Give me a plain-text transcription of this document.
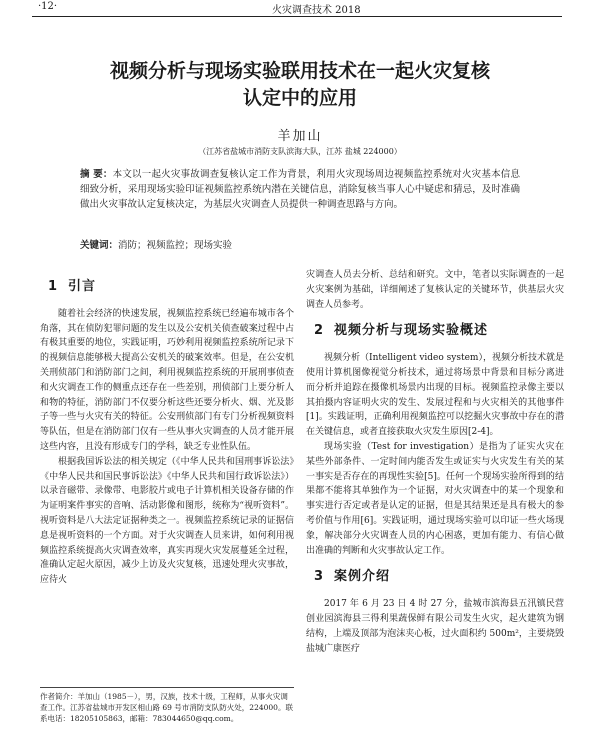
·12·	火灾调查技术 2018
视频分析与现场实验联用技术在一起火灾复核
认定中的应用
羊加山
（江苏省盐城市消防支队滨海大队，江苏 盐城 224000）
摘 要：本文以一起火灾事故调查复核认定工作为背景，利用火灾现场周边视频监控系统对火灾基本信息细致分析，采用现场实验印证视频监控系统内潜在关键信息，消除复核当事人心中疑虑和猜忌，及时准确做出火灾事故认定复核决定，为基层火灾调查人员提供一种调查思路与方向。
关键词：消防；视频监控；现场实验
1 引言

随着社会经济的快速发展，视频监控系统已经遍布城市各个角落，其在侦防犯罪问题的发生以及公安机关侦查破案过程中占有极其重要的地位，实践证明，巧妙利用视频监控系统所记录下的视频信息能够极大提高公安机关的破案效率。但是，在公安机关刑侦部门和消防部门之间，利用视频监控系统的开展刑事侦查和火灾调查工作的侧重点还存在一些差别，刑侦部门上要分析人和物的特征，消防部门不仅要分析这些还要分析火、烟、光及影子等一些与火灾有关的特征。公安刑侦部门有专门分析视频资料等队伍，但是在消防部门仅有一些从事火灾调查的人员才能开展这些内容，且没有形成专门的学科，缺乏专业性队伍。

根据我国诉讼法的相关规定（《中华人民共和国刑事诉讼法》《中华人民共和国民事诉讼法》《中华人民共和国行政诉讼法》）以录音磁带、录像带、电影胶片或电子计算机相关设备存储的作为证明案件事实的音响、活动影像和图形，统称为“视听资料”。视听资料是八大法定证据种类之一。视频监控系统记录的证据信息是视听资料的一个方面。对于火灾调查人员来讲，如何利用视频监控系统提高火灾调查效率，真实再现火灾发展蔓延全过程，准确认定起火原因，减少上访及火灾复核，迅速处理火灾事故，应待火

灾调查人员去分析、总结和研究。文中，笔者以实际调查的一起火灾案例为基础，详细阐述了复核认定的关键环节，供基层火灾调查人员参考。

2 视频分析与现场实验概述

视频分析（Intelligent video system），视频分析技术就是使用计算机图像视觉分析技术，通过将场景中背景和目标分离进而分析并追踪在摄像机场景内出现的目标。视频监控录像主要以其拍摄内容证明火灾的发生、发展过程和与火灾相关的其他事件[1]。实践证明，正确利用视频监控可以挖掘火灾事故中存在的潜在关键信息，或者直接获取火灾发生原因[2-4]。

现场实验（Test for investigation）是指为了证实火灾在某些外部条件、一定时间内能否发生或证实与火灾发生有关的某一事实是否存在的再现性实验[5]。任何一个现场实验所得到的结果都不能将其单独作为一个证据，对火灾调查中的某一个现象和事实进行否定或者是认定的证据，但是其结果还是具有极大的参考价值与作用[6]。实践证明，通过现场实验可以印证一些火场现象，解决部分火灾调查人员的内心困惑，更加有能力、有信心做出准确的判断和火灾事故认定工作。

3 案例介绍

2017 年 6 月 23 日 4 时 27 分，盐城市滨海县五汛镇民营创业园滨海县三得利果蔬保鲜有限公司发生火灾，起火建筑为钢结构，上端及顶部为泡沫夹心板，过火面积约 500m²，主要烧毁盐城广康医疗

作者简介：羊加山（1985－），男，汉族，技术十级，工程师，从事火灾调查工作。江苏省盐城市开发区相山路 69 号市消防支队防火处，224000。联系电话：18205105863，邮箱：783044650@qq.com。
